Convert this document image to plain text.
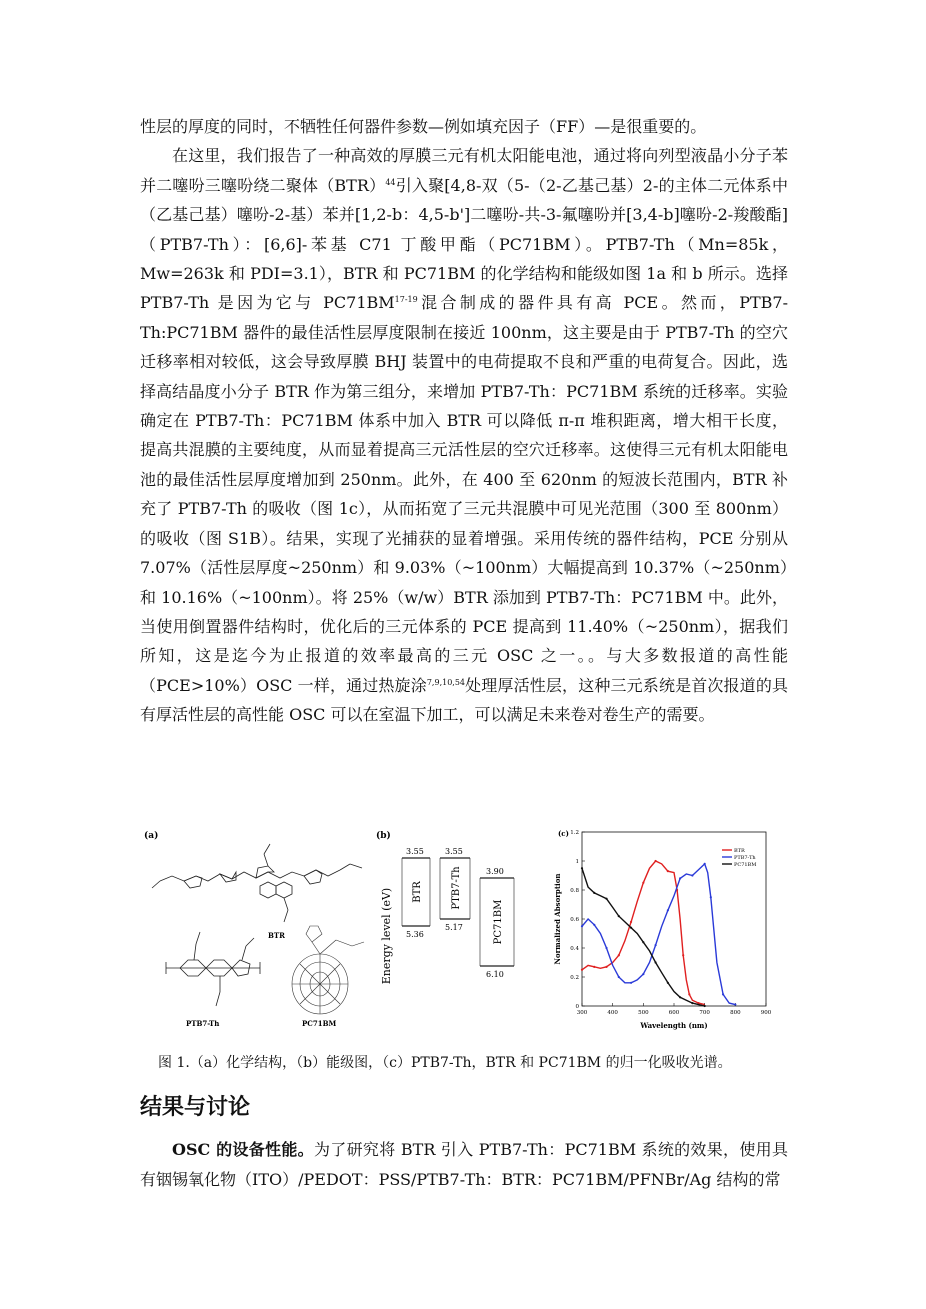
性层的厚度的同时，不牺牲任何器件参数—例如填充因子（FF）—是很重要的。

在这里，我们报告了一种高效的厚膜三元有机太阳能电池，通过将向列型液晶小分子苯并二噻吩三噻吩绕二聚体（BTR）$^{44}$引入聚[4,8-双（5-（2-乙基己基）2-的主体二元体系中（乙基己基）噻吩-2-基）苯并[1,2-b：4,5-b']二噻吩-共-3-氟噻吩并[3,4-b]噻吩-2-羧酸酯]（PTB7-Th）：[6,6]-苯基 C71 丁酸甲酯（PC71BM）。PTB7-Th（Mn=85k，Mw=263k 和 PDI=3.1），BTR 和 PC71BM 的化学结构和能级如图 1a 和 b 所示。选择 PTB7-Th 是因为它与 PC71BM$^{17-19}$混合制成的器件具有高 PCE。然而，PTB7-Th:PC71BM 器件的最佳活性层厚度限制在接近 100nm，这主要是由于 PTB7-Th 的空穴迁移率相对较低，这会导致厚膜 BHJ 装置中的电荷提取不良和严重的电荷复合。因此，选择高结晶度小分子 BTR 作为第三组分，来增加 PTB7-Th：PC71BM 系统的迁移率。实验确定在 PTB7-Th：PC71BM 体系中加入 BTR 可以降低 π-π 堆积距离，增大相干长度，提高共混膜的主要纯度，从而显着提高三元活性层的空穴迁移率。这使得三元有机太阳能电池的最佳活性层厚度增加到 250nm。此外，在 400 至 620nm 的短波长范围内，BTR 补充了 PTB7-Th 的吸收（图 1c），从而拓宽了三元共混膜中可见光范围（300 至 800nm）的吸收（图 S1B）。结果，实现了光捕获的显着增强。采用传统的器件结构，PCE 分别从 7.07%（活性层厚度~250nm）和 9.03%（~100nm）大幅提高到 10.37%（~250nm）和 10.16%（~100nm）。将 25%（w/w）BTR 添加到 PTB7-Th：PC71BM 中。此外，当使用倒置器件结构时，优化后的三元体系的 PCE 提高到 11.40%（~250nm），据我们所知，这是迄今为止报道的效率最高的三元 OSC 之一。。与大多数报道的高性能（PCE>10%）OSC 一样，通过热旋涂$^{7,9,10,54}$处理厚活性层，这种三元系统是首次报道的具有厚活性层的高性能 OSC 可以在室温下加工，可以满足未来卷对卷生产的需要。

(a)
BTR
PTB7-Th	PC71BM
(b)
Energy level (eV)
3.55
5.36
3.55
5.17
3.90
6.10
BTR	PTB7-Th
PC71BM
(c)
Normalized Absorption
Wavelength (nm)
300	400	500	600	700	800	900
0
0.2
0.4
0.6
0.8
1
1.2
BTR
PTB7-Th
PC71BM
图 1.（a）化学结构，（b）能级图，（c）PTB7-Th，BTR 和 PC71BM 的归一化吸收光谱。
结果与讨论

OSC 的设备性能。为了研究将 BTR 引入 PTB7-Th：PC71BM 系统的效果，使用具有铟锡氧化物（ITO）/PEDOT：PSS/PTB7-Th：BTR：PC71BM/PFNBr/Ag 结构的常
